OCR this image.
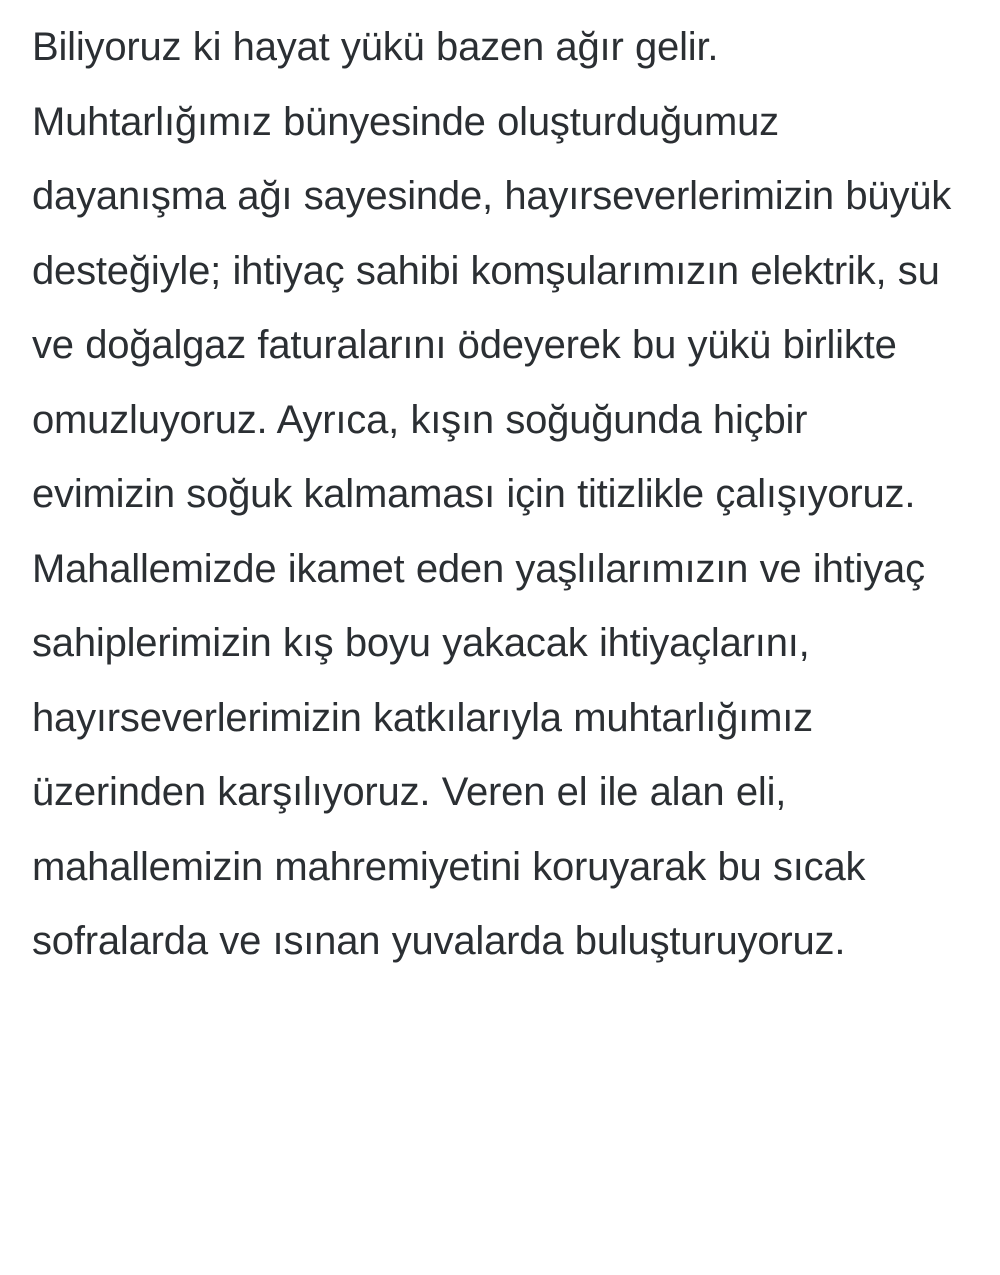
Biliyoruz ki hayat yükü bazen ağır gelir. Muhtarlığımız bünyesinde oluşturduğumuz dayanışma ağı sayesinde, hayırseverlerimizin büyük desteğiyle; ihtiyaç sahibi komşularımızın elektrik, su ve doğalgaz faturalarını ödeyerek bu yükü birlikte omuzluyoruz. Ayrıca, kışın soğuğunda hiçbir evimizin soğuk kalmaması için titizlikle çalışıyoruz. Mahallemizde ikamet eden yaşlılarımızın ve ihtiyaç sahiplerimizin kış boyu yakacak ihtiyaçlarını, hayırseverlerimizin katkılarıyla muhtarlığımız üzerinden karşılıyoruz. Veren el ile alan eli, mahallemizin mahremiyetini koruyarak bu sıcak sofralarda ve ısınan yuvalarda buluşturuyoruz.
